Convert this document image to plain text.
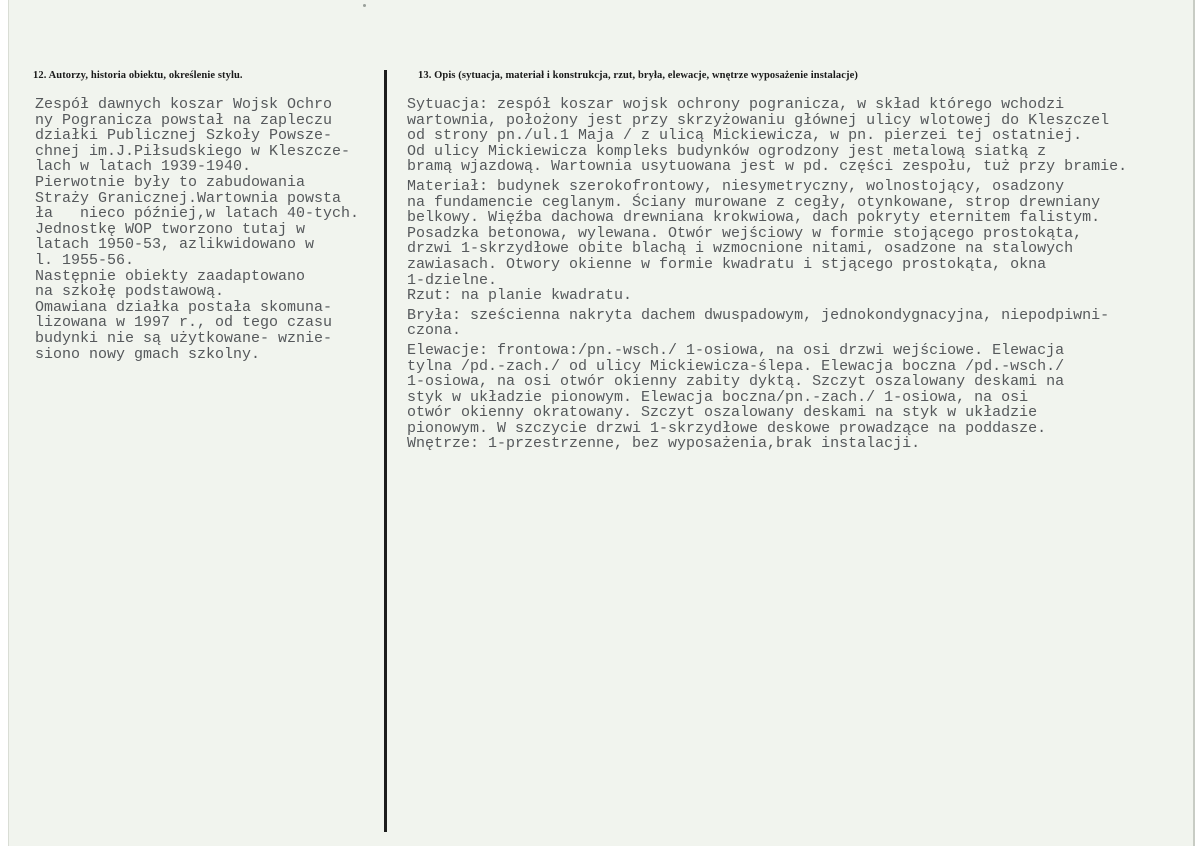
12. Autorzy, historia obiektu, określenie stylu.	13. Opis (sytuacja, materiał i konstrukcja, rzut, bryła, elewacje, wnętrze wyposażenie instalacje)
Zespół dawnych koszar Wojsk Ochro
ny Pogranicza powstał na zapleczu
działki Publicznej Szkoły Powsze-
chnej im.J.Piłsudskiego w Kleszcze-
lach w latach 1939-1940.
Pierwotnie były to zabudowania
Straży Granicznej.Wartownia powsta
ła   nieco później,w latach 40-tych.
Jednostkę WOP tworzono tutaj w
latach 1950-53, azlikwidowano w
l. 1955-56.
Następnie obiekty zaadaptowano
na szkołę podstawową.
Omawiana działka postała skomuna-
lizowana w 1997 r., od tego czasu
budynki nie są użytkowane- wznie-
siono nowy gmach szkolny.
Sytuacja: zespół koszar wojsk ochrony pogranicza, w skład którego wchodzi
wartownia, położony jest przy skrzyżowaniu głównej ulicy wlotowej do Kleszczel
od strony pn./ul.1 Maja / z ulicą Mickiewicza, w pn. pierzei tej ostatniej.
Od ulicy Mickiewicza kompleks budynków ogrodzony jest metalową siatką z
bramą wjazdową. Wartownia usytuowana jest w pd. części zespołu, tuż przy bramie.
Materiał: budynek szerokofrontowy, niesymetryczny, wolnostojący, osadzony
na fundamencie ceglanym. Ściany murowane z cegły, otynkowane, strop drewniany
belkowy. Więźba dachowa drewniana krokwiowa, dach pokryty eternitem falistym.
Posadzka betonowa, wylewana. Otwór wejściowy w formie stojącego prostokąta,
drzwi 1-skrzydłowe obite blachą i wzmocnione nitami, osadzone na stalowych
zawiasach. Otwory okienne w formie kwadratu i stjącego prostokąta, okna
1-dzielne.
Rzut: na planie kwadratu.
Bryła: sześcienna nakryta dachem dwuspadowym, jednokondygnacyjna, niepodpiwni-
czona.
Elewacje: frontowa:/pn.-wsch./ 1-osiowa, na osi drzwi wejściowe. Elewacja
tylna /pd.-zach./ od ulicy Mickiewicza-ślepa. Elewacja boczna /pd.-wsch./
1-osiowa, na osi otwór okienny zabity dyktą. Szczyt oszalowany deskami na
styk w układzie pionowym. Elewacja boczna/pn.-zach./ 1-osiowa, na osi
otwór okienny okratowany. Szczyt oszalowany deskami na styk w układzie
pionowym. W szczycie drzwi 1-skrzydłowe deskowe prowadzące na poddasze.
Wnętrze: 1-przestrzenne, bez wyposażenia,brak instalacji.
